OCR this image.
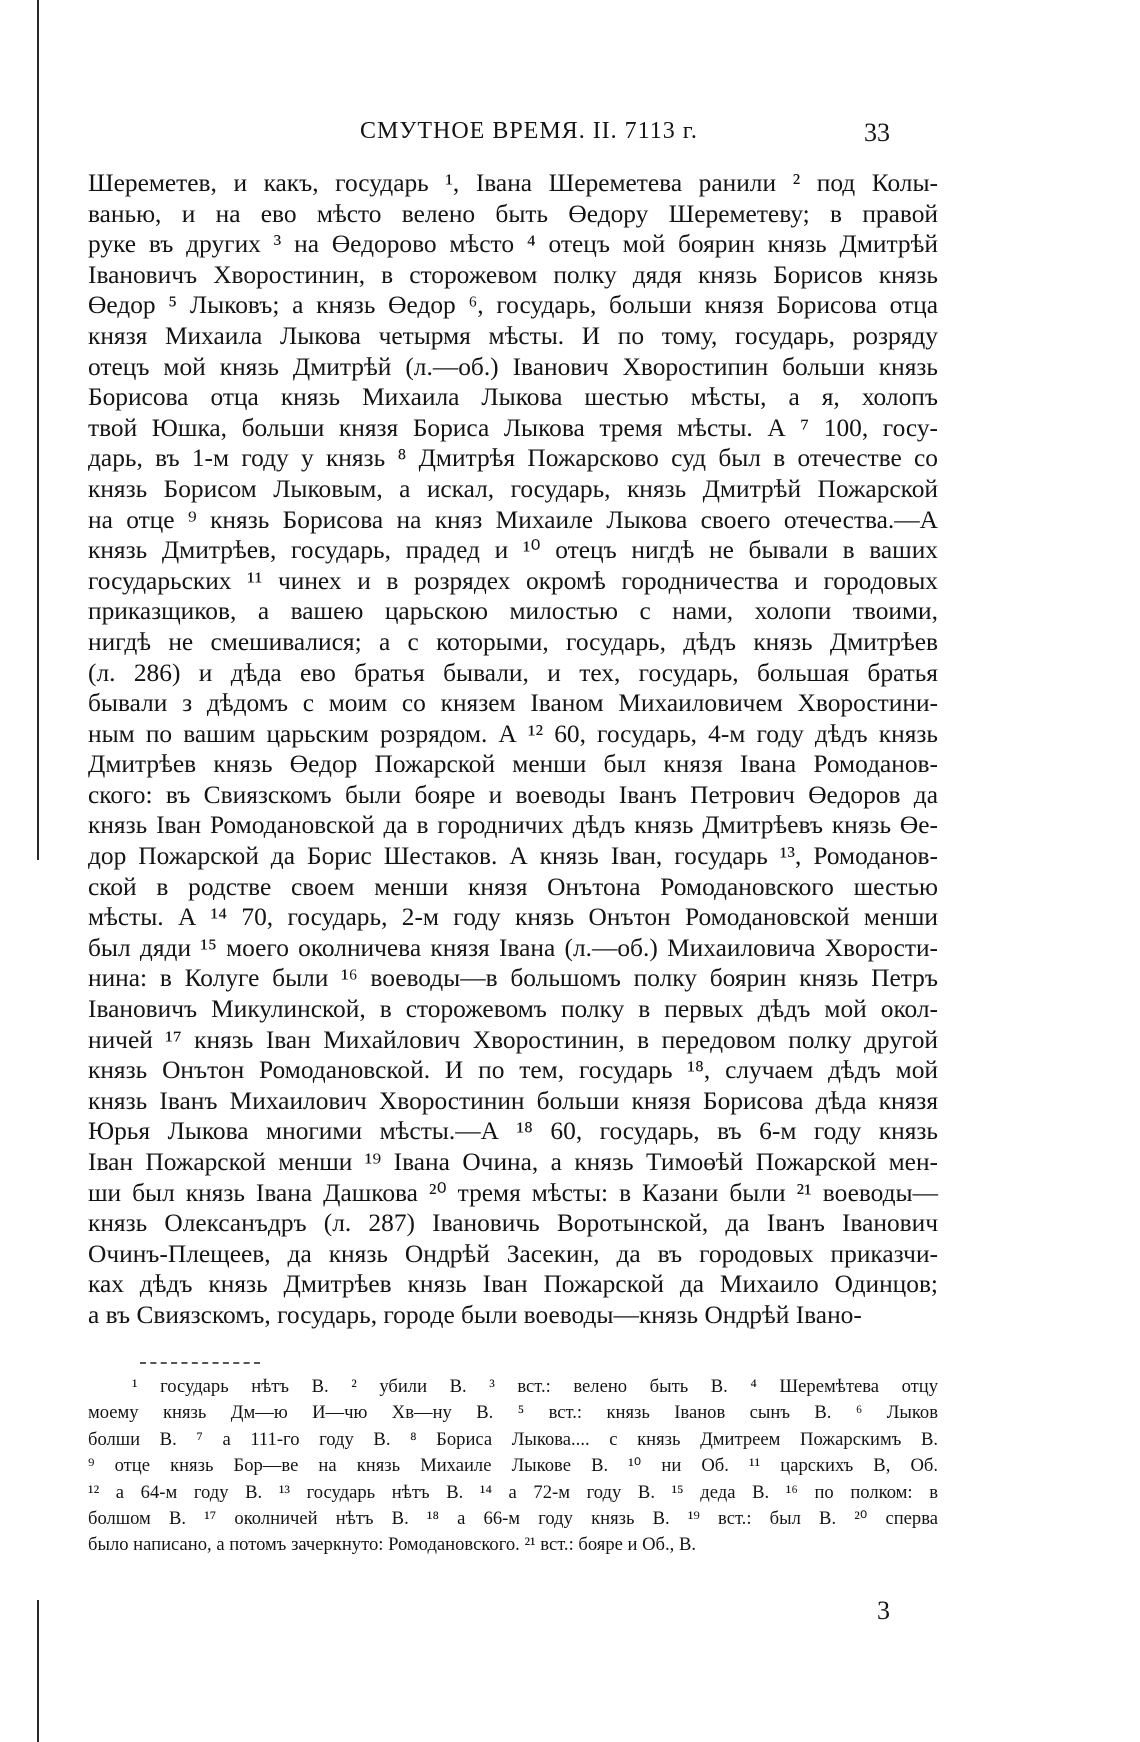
СМУТНОЕ ВРЕМЯ. II. 7113 г.	33
Шереметев, и какъ, государь ¹, Івана Шереметева ранили ² под Колы-
ванью, и на ево мѣсто велено быть Өедору Шереметеву; в правой
руке въ других ³ на Өедорово мѣсто ⁴ отецъ мой боярин князь Дмитрѣй
Івановичъ Хворостинин, в сторожевом полку дядя князь Борисов князь
Өедор ⁵ Лыковъ; а князь Өедор ⁶, государь, больши князя Борисова отца
князя Михаила Лыкова четырмя мѣсты. И по тому, государь, розряду
отецъ мой князь Дмитрѣй (л.—об.) Іванович Хворостипин больши князь
Борисова отца князь Михаила Лыкова шестью мѣсты, а я, холопъ
твой Юшка, больши князя Бориса Лыкова тремя мѣсты. А ⁷ 100, госу-
дарь, въ 1-м году у князь ⁸ Дмитрѣя Пожарсково суд был в отечестве со
князь Борисом Лыковым, а искал, государь, князь Дмитрѣй Пожарской
на отце ⁹ князь Борисова на княз Михаиле Лыкова своего отечества.—А
князь Дмитрѣев, государь, прадед и ¹⁰ отецъ нигдѣ не бывали в ваших
государьских ¹¹ чинех и в розрядех окромѣ городничества и городовых
приказщиков, а вашею царьскою милостью с нами, холопи твоими,
нигдѣ не смешивалися; а с которыми, государь, дѣдъ князь Дмитрѣев
(л. 286) и дѣда ево братья бывали, и тех, государь, большая братья
бывали з дѣдомъ с моим со князем Іваном Михаиловичем Хворостини-
ным по вашим царьским розрядом. А ¹² 60, государь, 4-м году дѣдъ князь
Дмитрѣев князь Өедор Пожарской менши был князя Івана Ромоданов-
ского: въ Свиязскомъ были бояре и воеводы Іванъ Петрович Өедоров да
князь Іван Ромодановской да в городничих дѣдъ князь Дмитрѣевъ князь Өе-
дор Пожарской да Борис Шестаков. А князь Іван, государь ¹³, Ромоданов-
ской в родстве своем менши князя Онътона Ромодановского шестью
мѣсты. А ¹⁴ 70, государь, 2-м году князь Онътон Ромодановской менши
был дяди ¹⁵ моего околничева князя Івана (л.—об.) Михаиловича Хворости-
нина: в Колуге были ¹⁶ воеводы—в большомъ полку боярин князь Петръ
Івановичъ Микулинской, в сторожевомъ полку в первых дѣдъ мой окол-
ничей ¹⁷ князь Іван Михайлович Хворостинин, в передовом полку другой
князь Онътон Ромодановской. И по тем, государь ¹⁸, случаем дѣдъ мой
князь Іванъ Михаилович Хворостинин больши князя Борисова дѣда князя
Юрья Лыкова многими мѣсты.—А ¹⁸ 60, государь, въ 6-м году князь
Іван Пожарской менши ¹⁹ Івана Очина, а князь Тимоөѣй Пожарской мен-
ши был князь Івана Дашкова ²⁰ тремя мѣсты: в Казани были ²¹ воеводы—
князь Олексанъдръ (л. 287) Івановичь Воротынской, да Іванъ Іванович
Очинъ-Плещеев, да князь Ондрѣй Засекин, да въ городовых приказчи-
ках дѣдъ князь Дмитрѣев князь Іван Пожарской да Михаило Одинцов;
а въ Свиязскомъ, государь, городе были воеводы—князь Ондрѣй Івано-
¹ государь нѣтъ В. ² убили В. ³ вст.: велено быть В. ⁴ Шеремѣтева отцу
моему князь Дм—ю И—чю Хв—ну В. ⁵ вст.: князь Іванов сынъ В. ⁶ Лыков
болши В. ⁷ а 111-го году В. ⁸ Бориса Лыкова.... с князь Дмитреем Пожарскимъ В.
⁹ отце князь Бор—ве на князь Михаиле Лыкове В. ¹⁰ ни Об. ¹¹ царскихъ В, Об.
¹² а 64-м году В. ¹³ государь нѣтъ В. ¹⁴ а 72-м году В. ¹⁵ деда В. ¹⁶ по полком: в
болшом В. ¹⁷ околничей нѣтъ В. ¹⁸ а 66-м году князь В. ¹⁹ вст.: был В. ²⁰ сперва
было написано, а потомъ зачеркнуто: Ромодановского. ²¹ вст.: бояре и Об., В.
3
